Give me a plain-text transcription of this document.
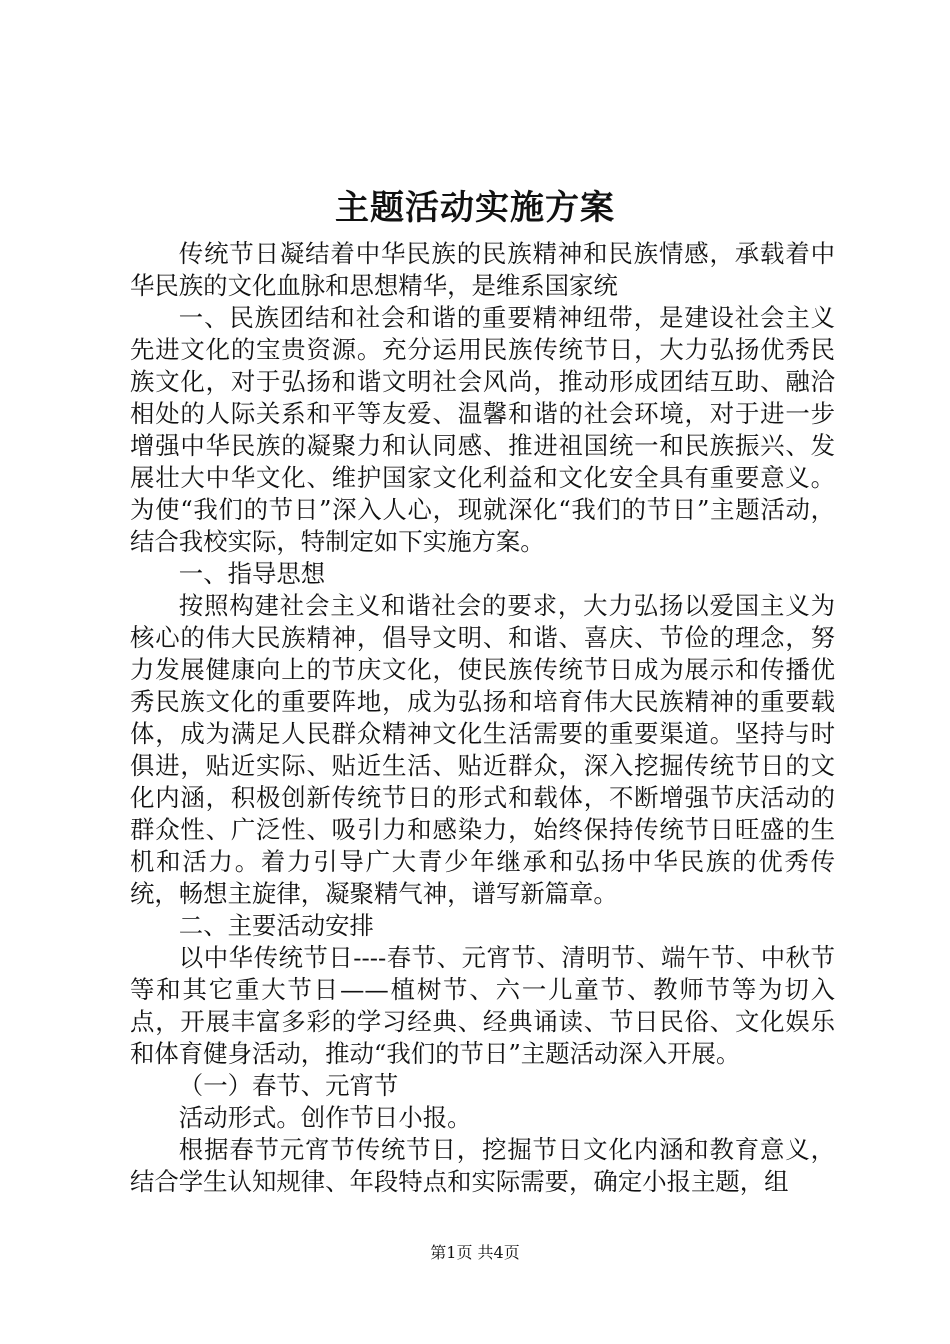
主题活动实施方案

传统节日凝结着中华民族的民族精神和民族情感，承载着中华民族的文化血脉和思想精华，是维系国家统

一、民族团结和社会和谐的重要精神纽带，是建设社会主义先进文化的宝贵资源。充分运用民族传统节日，大力弘扬优秀民族文化，对于弘扬和谐文明社会风尚，推动形成团结互助、融洽相处的人际关系和平等友爱、温馨和谐的社会环境，对于进一步增强中华民族的凝聚力和认同感、推进祖国统一和民族振兴、发展壮大中华文化、维护国家文化利益和文化安全具有重要意义。为使“我们的节日”深入人心，现就深化“我们的节日”主题活动，结合我校实际，特制定如下实施方案。

一、指导思想

按照构建社会主义和谐社会的要求，大力弘扬以爱国主义为核心的伟大民族精神，倡导文明、和谐、喜庆、节俭的理念，努力发展健康向上的节庆文化，使民族传统节日成为展示和传播优秀民族文化的重要阵地，成为弘扬和培育伟大民族精神的重要载体，成为满足人民群众精神文化生活需要的重要渠道。坚持与时俱进，贴近实际、贴近生活、贴近群众，深入挖掘传统节日的文化内涵，积极创新传统节日的形式和载体，不断增强节庆活动的群众性、广泛性、吸引力和感染力，始终保持传统节日旺盛的生机和活力。着力引导广大青少年继承和弘扬中华民族的优秀传统，畅想主旋律，凝聚精气神，谱写新篇章。

二、主要活动安排

以中华传统节日----春节、元宵节、清明节、端午节、中秋节等和其它重大节日——植树节、六一儿童节、教师节等为切入点，开展丰富多彩的学习经典、经典诵读、节日民俗、文化娱乐和体育健身活动，推动“我们的节日”主题活动深入开展。

（一）春节、元宵节

活动形式。创作节日小报。

根据春节元宵节传统节日，挖掘节日文化内涵和教育意义，结合学生认知规律、年段特点和实际需要，确定小报主题，组

第1页 共4页
